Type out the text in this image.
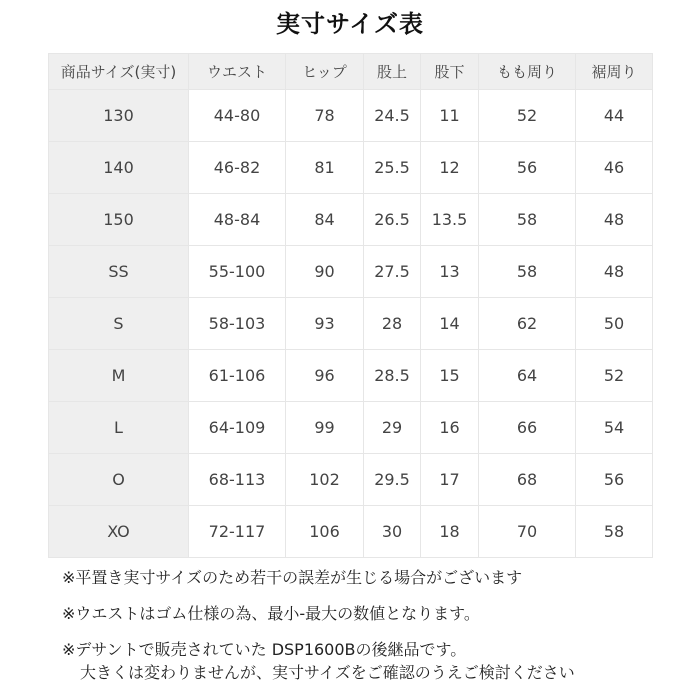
実寸サイズ表
商品サイズ(実寸)	ウエスト	ヒップ	股上	股下	もも周り	裾周り
130	44-80	78	24.5	11	52	44
140	46-82	81	25.5	12	56	46
150	48-84	84	26.5	13.5	58	48
SS	55-100	90	27.5	13	58	48
S	58-103	93	28	14	62	50
M	61-106	96	28.5	15	64	52
L	64-109	99	29	16	66	54
O	68-113	102	29.5	17	68	56
XO	72-117	106	30	18	70	58

※平置き実寸サイズのため若干の誤差が生じる場合がございます

※ウエストはゴム仕様の為、最小-最大の数値となります。

※デサントで販売されていた DSP1600Bの後継品です。

大きくは変わりませんが、実寸サイズをご確認のうえご検討ください
